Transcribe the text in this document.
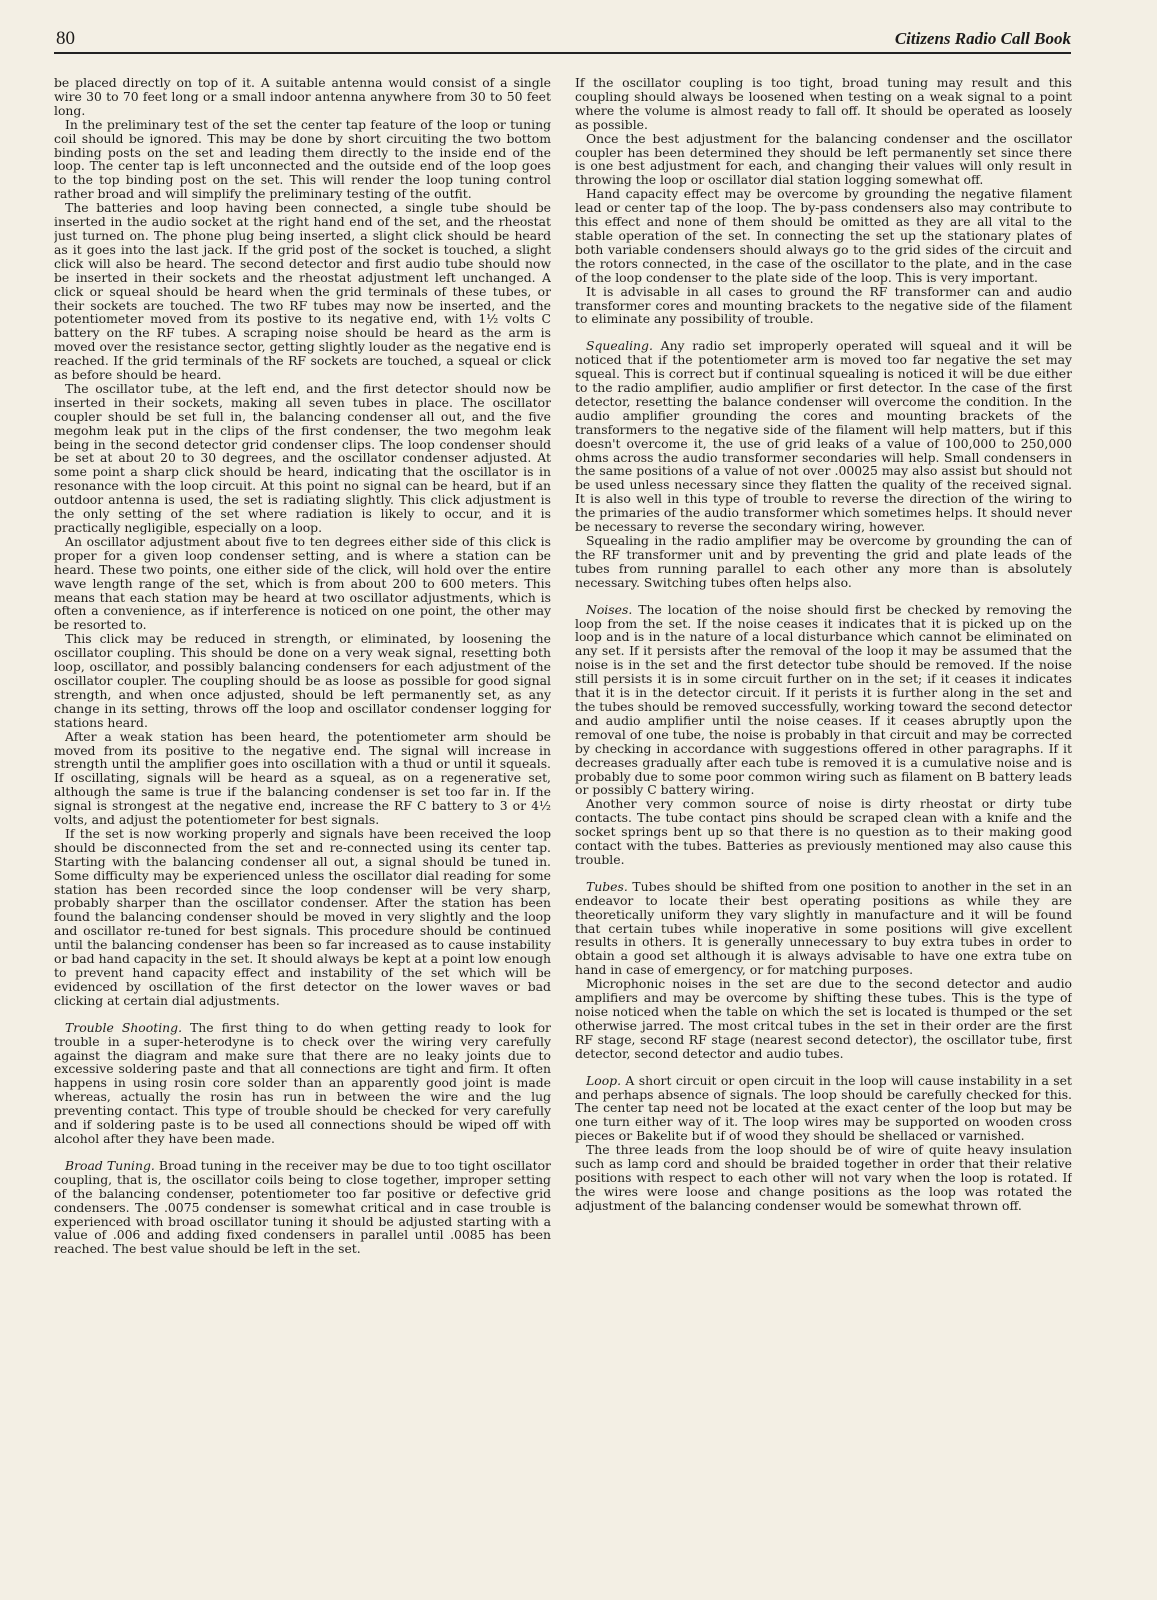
80	Citizens Radio Call Book

be placed directly on top of it. A suitable antenna would consist of a single wire 30 to 70 feet long or a small indoor antenna anywhere from 30 to 50 feet long.

In the preliminary test of the set the center tap feature of the loop or tuning coil should be ignored. This may be done by short circuiting the two bottom binding posts on the set and leading them directly to the inside end of the loop. The center tap is left unconnected and the outside end of the loop goes to the top binding post on the set. This will render the loop tuning control rather broad and will simplify the preliminary testing of the outfit.

The batteries and loop having been connected, a single tube should be inserted in the audio socket at the right hand end of the set, and the rheostat just turned on. The phone plug being inserted, a slight click should be heard as it goes into the last jack. If the grid post of the socket is touched, a slight click will also be heard. The second detector and first audio tube should now be inserted in their sockets and the rheostat adjustment left unchanged. A click or squeal should be heard when the grid terminals of these tubes, or their sockets are touched. The two RF tubes may now be inserted, and the potentiometer moved from its postive to its negative end, with 1½ volts C battery on the RF tubes. A scraping noise should be heard as the arm is moved over the resistance sector, getting slightly louder as the negative end is reached. If the grid terminals of the RF sockets are touched, a squeal or click as before should be heard.

The oscillator tube, at the left end, and the first detector should now be inserted in their sockets, making all seven tubes in place. The oscillator coupler should be set full in, the balancing condenser all out, and the five megohm leak put in the clips of the first condenser, the two megohm leak being in the second detector grid condenser clips. The loop condenser should be set at about 20 to 30 degrees, and the oscillator condenser adjusted. At some point a sharp click should be heard, indicating that the oscillator is in resonance with the loop circuit. At this point no signal can be heard, but if an outdoor antenna is used, the set is radiating slightly. This click adjustment is the only setting of the set where radiation is likely to occur, and it is practically negligible, especially on a loop.

An oscillator adjustment about five to ten degrees either side of this click is proper for a given loop condenser setting, and is where a station can be heard. These two points, one either side of the click, will hold over the entire wave length range of the set, which is from about 200 to 600 meters. This means that each station may be heard at two oscillator adjustments, which is often a convenience, as if interference is noticed on one point, the other may be resorted to.

This click may be reduced in strength, or eliminated, by loosening the oscillator coupling. This should be done on a very weak signal, resetting both loop, oscillator, and possibly balancing condensers for each adjustment of the oscillator coupler. The coupling should be as loose as possible for good signal strength, and when once adjusted, should be left permanently set, as any change in its setting, throws off the loop and oscillator condenser logging for stations heard.

After a weak station has been heard, the potentiometer arm should be moved from its positive to the negative end. The signal will increase in strength until the amplifier goes into oscillation with a thud or until it squeals. If oscillating, signals will be heard as a squeal, as on a regenerative set, although the same is true if the balancing condenser is set too far in. If the signal is strongest at the negative end, increase the RF C battery to 3 or 4½ volts, and adjust the potentiometer for best signals.

If the set is now working properly and signals have been received the loop should be disconnected from the set and re-connected using its center tap. Starting with the balancing condenser all out, a signal should be tuned in. Some difficulty may be experienced unless the oscillator dial reading for some station has been recorded since the loop condenser will be very sharp, probably sharper than the oscillator condenser. After the station has been found the balancing condenser should be moved in very slightly and the loop and oscillator re-tuned for best signals. This procedure should be continued until the balancing condenser has been so far increased as to cause instability or bad hand capacity in the set. It should always be kept at a point low enough to prevent hand capacity effect and instability of the set which will be evidenced by oscillation of the first detector on the lower waves or bad clicking at certain dial adjustments.

Trouble Shooting. The first thing to do when getting ready to look for trouble in a super-heterodyne is to check over the wiring very carefully against the diagram and make sure that there are no leaky joints due to excessive soldering paste and that all connections are tight and firm. It often happens in using rosin core solder than an apparently good joint is made whereas, actually the rosin has run in between the wire and the lug preventing contact. This type of trouble should be checked for very carefully and if soldering paste is to be used all connections should be wiped off with alcohol after they have been made.

Broad Tuning. Broad tuning in the receiver may be due to too tight oscillator coupling, that is, the oscillator coils being to close together, improper setting of the balancing condenser, potentiometer too far positive or defective grid condensers. The .0075 condenser is somewhat critical and in case trouble is experienced with broad oscillator tuning it should be adjusted starting with a value of .006 and adding fixed condensers in parallel until .0085 has been reached. The best value should be left in the set.

If the oscillator coupling is too tight, broad tuning may result and this coupling should always be loosened when testing on a weak signal to a point where the volume is almost ready to fall off. It should be operated as loosely as possible.

Once the best adjustment for the balancing condenser and the oscillator coupler has been determined they should be left permanently set since there is one best adjustment for each, and changing their values will only result in throwing the loop or oscillator dial station logging somewhat off.

Hand capacity effect may be overcome by grounding the negative filament lead or center tap of the loop. The by-pass condensers also may contribute to this effect and none of them should be omitted as they are all vital to the stable operation of the set. In connecting the set up the stationary plates of both variable condensers should always go to the grid sides of the circuit and the rotors connected, in the case of the oscillator to the plate, and in the case of the loop condenser to the plate side of the loop. This is very important.

It is advisable in all cases to ground the RF transformer can and audio transformer cores and mounting brackets to the negative side of the filament to eliminate any possibility of trouble.

Squealing. Any radio set improperly operated will squeal and it will be noticed that if the potentiometer arm is moved too far negative the set may squeal. This is correct but if continual squealing is noticed it will be due either to the radio amplifier, audio amplifier or first detector. In the case of the first detector, resetting the balance condenser will overcome the condition. In the audio amplifier grounding the cores and mounting brackets of the transformers to the negative side of the filament will help matters, but if this doesn't overcome it, the use of grid leaks of a value of 100,000 to 250,000 ohms across the audio transformer secondaries will help. Small condensers in the same positions of a value of not over .00025 may also assist but should not be used unless necessary since they flatten the quality of the received signal. It is also well in this type of trouble to reverse the direction of the wiring to the primaries of the audio transformer which sometimes helps. It should never be necessary to reverse the secondary wiring, however.

Squealing in the radio amplifier may be overcome by grounding the can of the RF transformer unit and by preventing the grid and plate leads of the tubes from running parallel to each other any more than is absolutely necessary. Switching tubes often helps also.

Noises. The location of the noise should first be checked by removing the loop from the set. If the noise ceases it indicates that it is picked up on the loop and is in the nature of a local disturbance which cannot be eliminated on any set. If it persists after the removal of the loop it may be assumed that the noise is in the set and the first detector tube should be removed. If the noise still persists it is in some circuit further on in the set; if it ceases it indicates that it is in the detector circuit. If it perists it is further along in the set and the tubes should be removed successfully, working toward the second detector and audio amplifier until the noise ceases. If it ceases abruptly upon the removal of one tube, the noise is probably in that circuit and may be corrected by checking in accordance with suggestions offered in other paragraphs. If it decreases gradually after each tube is removed it is a cumulative noise and is probably due to some poor common wiring such as filament on B battery leads or possibly C battery wiring.

Another very common source of noise is dirty rheostat or dirty tube contacts. The tube contact pins should be scraped clean with a knife and the socket springs bent up so that there is no question as to their making good contact with the tubes. Batteries as previously mentioned may also cause this trouble.

Tubes. Tubes should be shifted from one position to another in the set in an endeavor to locate their best operating positions as while they are theoretically uniform they vary slightly in manufacture and it will be found that certain tubes while inoperative in some positions will give excellent results in others. It is generally unnecessary to buy extra tubes in order to obtain a good set although it is always advisable to have one extra tube on hand in case of emergency, or for matching purposes.

Microphonic noises in the set are due to the second detector and audio amplifiers and may be overcome by shifting these tubes. This is the type of noise noticed when the table on which the set is located is thumped or the set otherwise jarred. The most critcal tubes in the set in their order are the first RF stage, second RF stage (nearest second detector), the oscillator tube, first detector, second detector and audio tubes.

Loop. A short circuit or open circuit in the loop will cause instability in a set and perhaps absence of signals. The loop should be carefully checked for this. The center tap need not be located at the exact center of the loop but may be one turn either way of it. The loop wires may be supported on wooden cross pieces or Bakelite but if of wood they should be shellaced or varnished.

The three leads from the loop should be of wire of quite heavy insulation such as lamp cord and should be braided together in order that their relative positions with respect to each other will not vary when the loop is rotated. If the wires were loose and change positions as the loop was rotated the adjustment of the balancing condenser would be somewhat thrown off.
